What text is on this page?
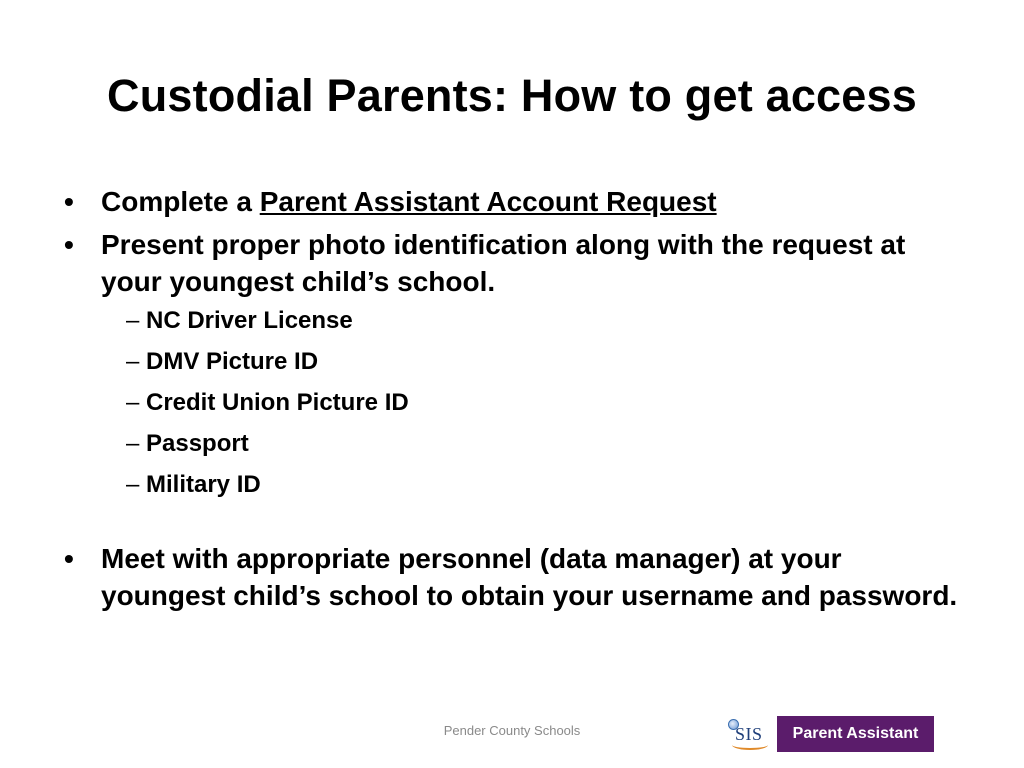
Custodial Parents: How to get access
• Complete a Parent Assistant Account Request
• Present proper photo identification along with the request at your youngest child’s school.
– NC Driver License
– DMV Picture ID
– Credit Union Picture ID
– Passport
– Military ID
• Meet with appropriate personnel (data manager) at your youngest child’s school to obtain your username and password.
Pender County Schools	SIS	Parent Assistant
